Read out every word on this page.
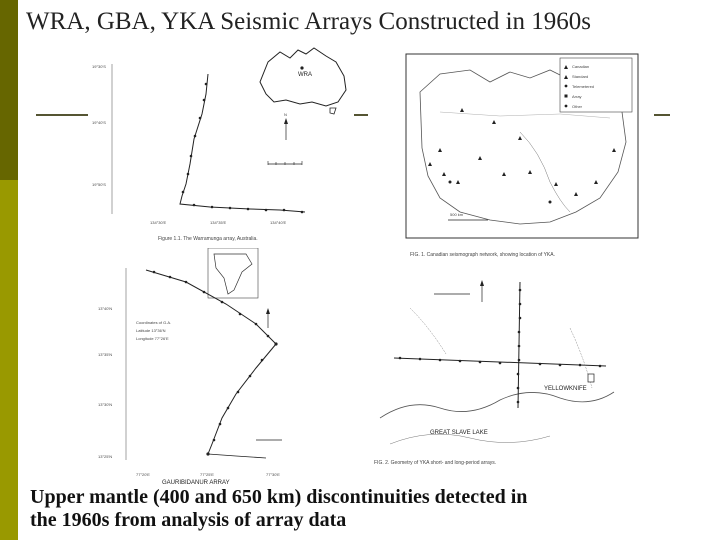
WRA, GBA, YKA Seismic Arrays Constructed in 1960s
19°30'S
19°40'S
19°50'S
WRA
N
134°30'E	134°35'E	134°40'E
Figure 1.1. The Warramunga array, Australia.
Canadian
Standard
Telemetered
Array
Other
500 km
FIG. 1. Canadian seismograph network, showing location of YKA.
13°40'N
13°35'N
13°30'N
13°25'N
Coordinates of G.A.
Latitude 13°36'N
Longitude 77°26'E
77°20'E	77°25'E	77°30'E
GAURIBIDANUR ARRAY
YELLOWKNIFE
GREAT SLAVE LAKE
FIG. 2. Geometry of YKA short- and long-period arrays.
Upper mantle (400 and 650 km) discontinuities detected in
the 1960s from analysis of array data
